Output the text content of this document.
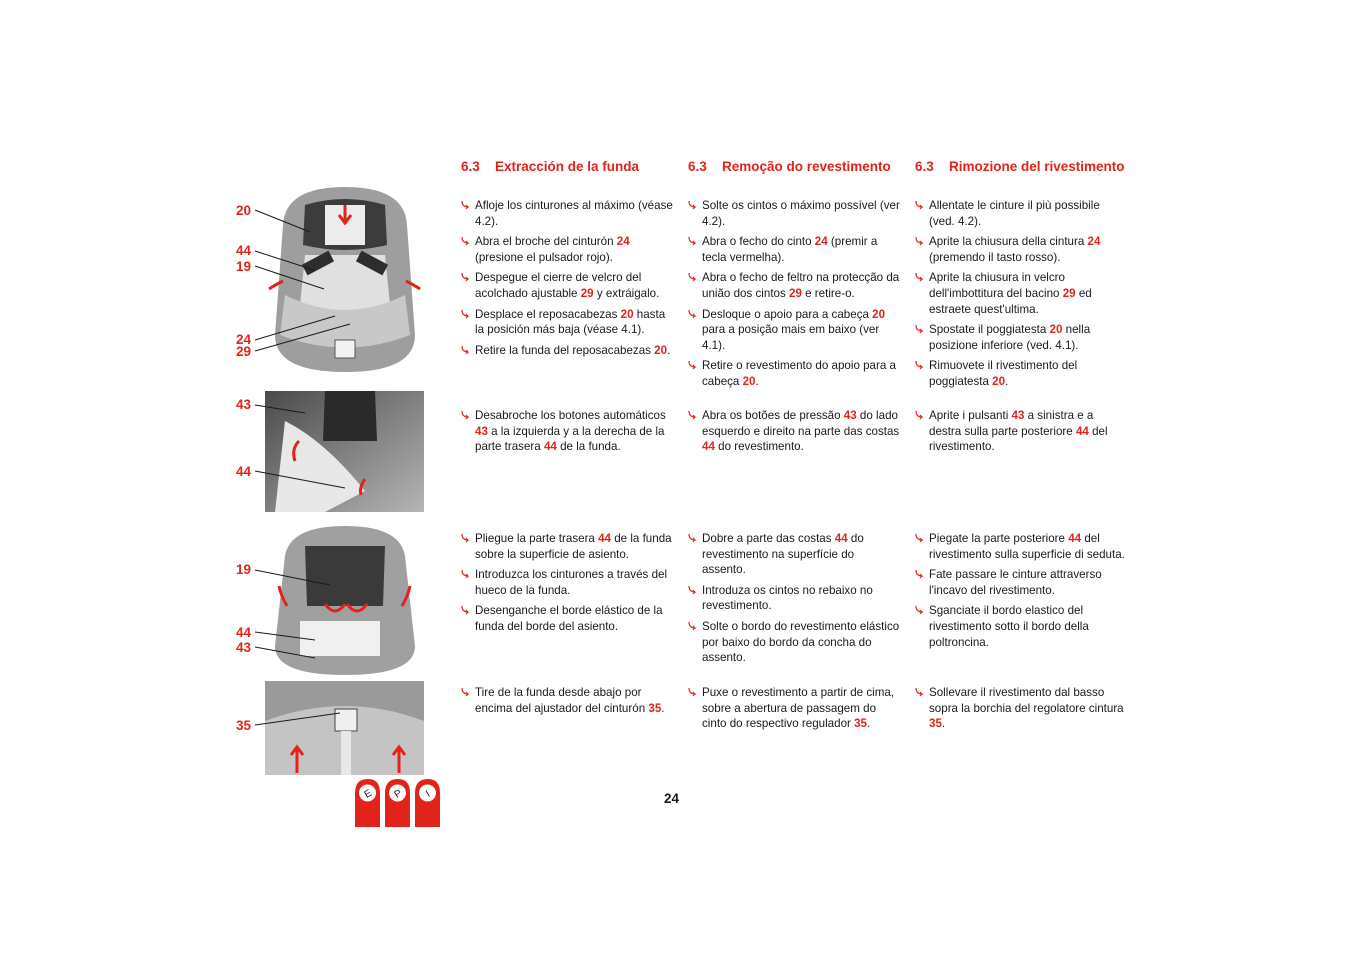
20
44
19
24
29
43
44
19
44
43
35
6.3	Extracción de la funda
Afloje los cinturones al máximo (véase 4.2).
Abra el broche del cinturón 24 (presione el pulsador rojo).
Despegue el cierre de velcro del acolchado ajustable 29 y extráigalo.
Desplace el reposacabezas 20 hasta la posición más baja (véase 4.1).
Retire la funda del reposacabezas 20.
Desabroche los botones automáticos 43 a la izquierda y a la derecha de la parte trasera 44 de la funda.
Pliegue la parte trasera 44 de la funda sobre la superficie de asiento.
Introduzca los cinturones a través del hueco de la funda.
Desenganche el borde elástico de la funda del borde del asiento.
Tire de la funda desde abajo por encima del ajustador del cinturón 35.
6.3	Remoção do revestimento
Solte os cintos o máximo possível (ver 4.2).
Abra o fecho do cinto 24 (premir a tecla vermelha).
Abra o fecho de feltro na protecção da união dos cintos 29 e retire-o.
Desloque o apoio para a cabeça 20 para a posição mais em baixo (ver 4.1).
Retire o revestimento do apoio para a cabeça 20.
Abra os botões de pressão 43 do lado esquerdo e direito na parte das costas 44 do revestimento.
Dobre a parte das costas 44 do revestimento na superfície do assento.
Introduza os cintos no rebaixo no revestimento.
Solte o bordo do revestimento elástico por baixo do bordo da concha do assento.
Puxe o revestimento a partir de cima, sobre a abertura de passagem do cinto do respectivo regulador 35.
6.3	Rimozione del rivestimento
Allentate le cinture il più possibile (ved. 4.2).
Aprite la chiusura della cintura 24 (premendo il tasto rosso).
Aprite la chiusura in velcro dell'imbottitura del bacino 29 ed estraete quest'ultima.
Spostate il poggiatesta 20 nella posizione inferiore (ved. 4.1).
Rimuovete il rivestimento del poggiatesta 20.
Aprite i pulsanti 43 a sinistra e a destra sulla parte posteriore 44 del rivestimento.
Piegate la parte posteriore 44 del rivestimento sulla superficie di seduta.
Fate passare le cinture attraverso l'incavo del rivestimento.
Sganciate il bordo elastico del rivestimento sotto il bordo della poltroncina.
Sollevare il rivestimento dal basso sopra la borchia del regolatore cintura 35.
24
E P I
